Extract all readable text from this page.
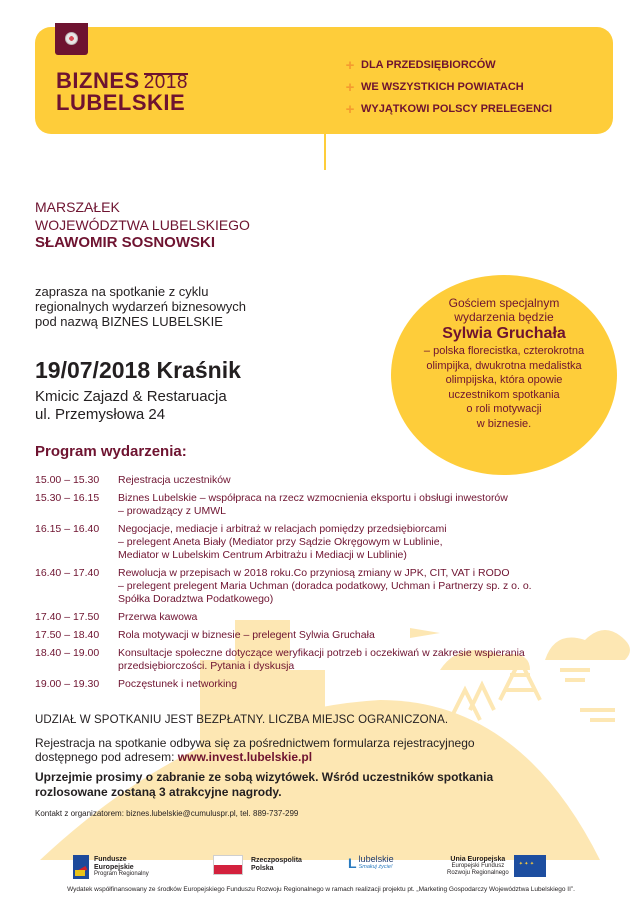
BIZNES 2018
LUBELSKIE
+ DLA PRZEDSIĘBIORCÓW
+ WE WSZYSTKICH POWIATACH
+ WYJĄTKOWI POLSCY PRELEGENCI
MARSZAŁEK
WOJEWÓDZTWA LUBELSKIEGO
SŁAWOMIR SOSNOWSKI
zaprasza na spotkanie z cyklu
regionalnych wydarzeń biznesowych
pod nazwą BIZNES LUBELSKIE
Gościem specjalnym
wydarzenia będzie
Sylwia Gruchała
– polska florecistka, czterokrotna
olimpijka, dwukrotna medalistka
olimpijska, która opowie
uczestnikom spotkania
o roli motywacji
w biznesie.
19/07/2018 Kraśnik
Kmicic Zajazd & Restaruacja
ul. Przemysłowa 24
Program wydarzenia:
15.00 – 15.30	Rejestracja uczestników
15.30 – 16.15	Biznes Lubelskie – współpraca na rzecz wzmocnienia eksportu i obsługi inwestorów
– prowadzący z UMWL
16.15 – 16.40	Negocjacje, mediacje i arbitraż w relacjach pomiędzy przedsiębiorcami
– prelegent Aneta Biały (Mediator przy Sądzie Okręgowym w Lublinie,
Mediator w Lubelskim Centrum Arbitrażu i Mediacji w Lublinie)
16.40 – 17.40	Rewolucja w przepisach w 2018 roku.Co przyniosą zmiany w JPK, CIT, VAT i RODO
– prelegent prelegent Maria Uchman (doradca podatkowy, Uchman i Partnerzy sp. z o. o.
Spółka Doradztwa Podatkowego)
17.40 – 17.50	Przerwa kawowa
17.50 – 18.40	Rola motywacji w biznesie – prelegent Sylwia Gruchała
18.40 – 19.00	Konsultacje społeczne dotyczące weryfikacji potrzeb i oczekiwań w zakresie wspierania
przedsiębiorczości. Pytania i dyskusja
19.00 – 19.30	Poczęstunek i networking
UDZIAŁ W SPOTKANIU JEST BEZPŁATNY. LICZBA MIEJSC OGRANICZONA.
Rejestracja na spotkanie odbywa się za pośrednictwem formularza rejestracyjnego
dostępnego pod adresem: www.invest.lubelskie.pl
Uprzejmie prosimy o zabranie ze sobą wizytówek. Wśród uczestników spotkania
rozlosowane zostaną 3 atrakcyjne nagrody.
Kontakt z organizatorem: biznes.lubelskie@cumuluspr.pl, tel. 889-737-299
Fundusze
Europejskie
Program Regionalny
Rzeczpospolita
Polska	L lubelskie
Smakuj życie!
Unia Europejska
Europejski Fundusz
Rozwoju Regionalnego
✦ ✦ ✦
Wydatek współfinansowany ze środków Europejskiego Funduszu Rozwoju Regionalnego w ramach realizacji projektu pt. „Marketing Gospodarczy Województwa Lubelskiego II”.
